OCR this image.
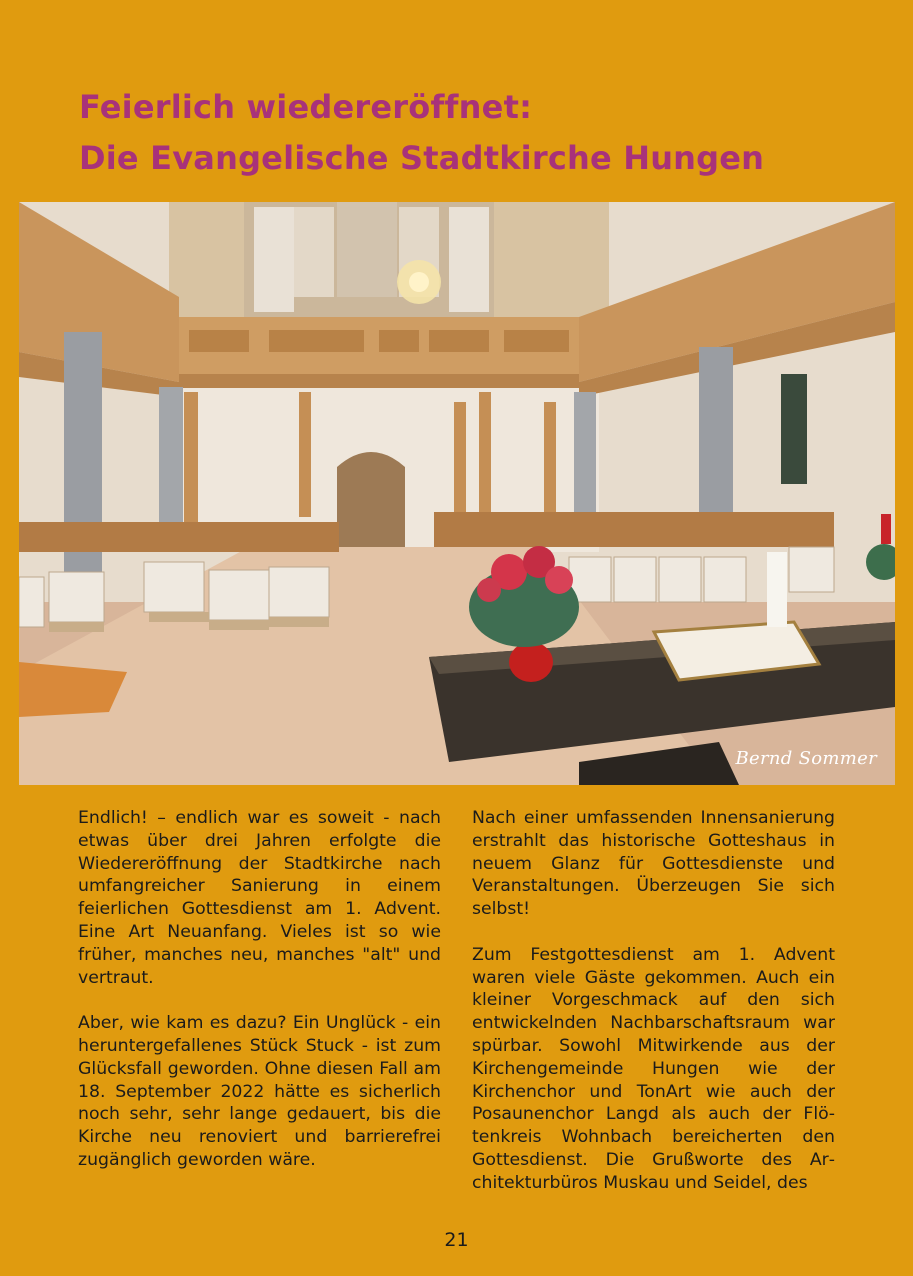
Feierlich wiedereröffnet:
Die Evangelische Stadtkirche Hungen
Bernd Sommer

Endlich! – endlich war es soweit - nach etwas über drei Jahren erfolgte die Wiedereröffnung der Stadtkirche nach umfangreicher Sanierung in einem feierlichen Gottesdienst am 1. Advent. Eine Art Neuanfang. Vieles ist so wie früher, manches neu, manches "alt" und vertraut.

Aber, wie kam es dazu? Ein Unglück - ein heruntergefallenes Stück Stuck - ist zum Glücksfall geworden. Ohne diesen Fall am 18. September 2022 hätte es sicherlich noch sehr, sehr lange gedauert, bis die Kirche neu renoviert und barrierefrei zugänglich geworden wäre.

Nach einer umfassenden Innensanierung erstrahlt das historische Gotteshaus in neuem Glanz für Gottesdienste und Veranstaltungen. Überzeugen Sie sich selbst!

Zum Festgottesdienst am 1. Advent waren viele Gäste gekommen. Auch ein kleiner Vorgeschmack auf den sich entwickelnden Nachbarschaftsraum war spürbar. Sowohl Mitwirkende aus der Kirchengemeinde Hungen wie der Kirchenchor und TonArt wie auch der Posaunenchor Langd als auch der Flötenkreis Wohnbach bereicherten den Gottesdienst. Die Grußworte des Architekturbüros Muskau und Seidel, des

21
